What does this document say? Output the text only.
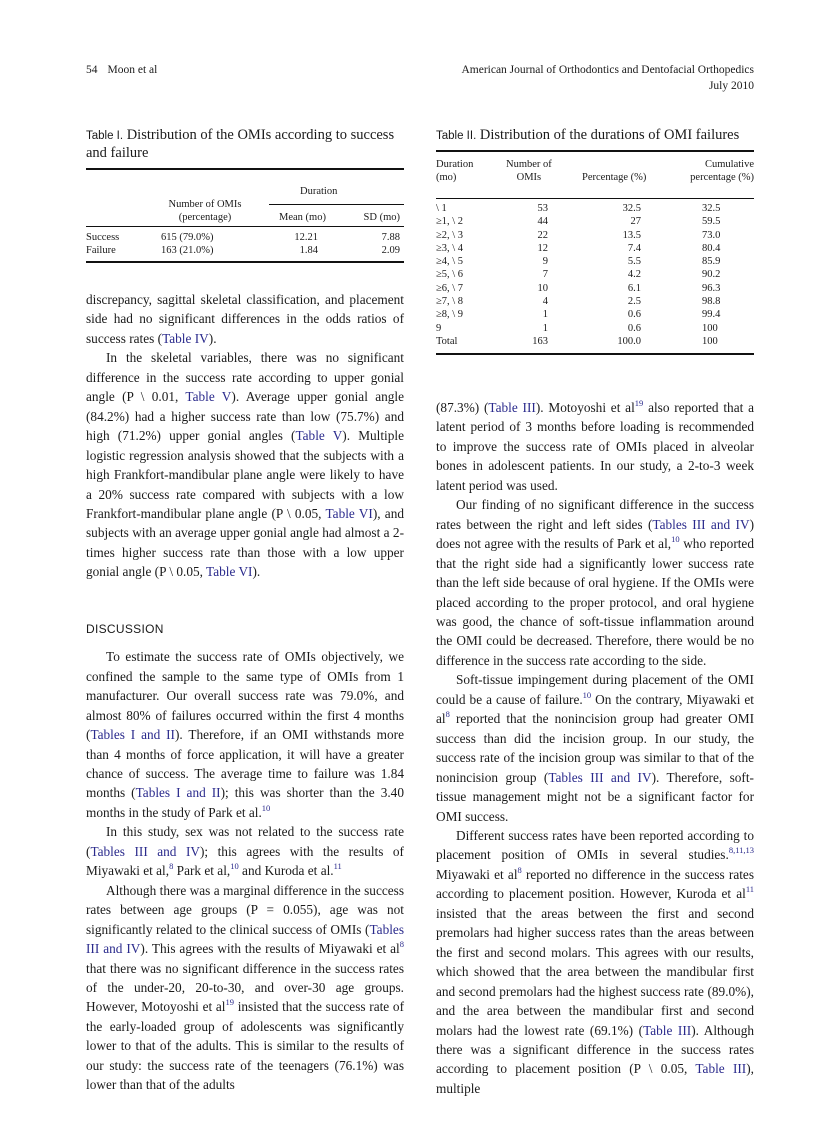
54 Moon et al	American Journal of Orthodontics and Dentofacial Orthopedics
July 2010
Table I. Distribution of the OMIs according to success and failure
Duration
Number of OMIs
(percentage)	Mean (mo)	SD (mo)
Success	615 (79.0%)	12.21	7.88
Failure	163 (21.0%)	1.84	2.09
Table II. Distribution of the durations of OMI failures
Duration
(mo)
Number of
OMIs	Percentage (%)
Cumulative
percentage (%)
\ 1	53	32.5	32.5
≥1, \ 2	44	27	59.5
≥2, \ 3	22	13.5	73.0
≥3, \ 4	12	7.4	80.4
≥4, \ 5	9	5.5	85.9
≥5, \ 6	7	4.2	90.2
≥6, \ 7	10	6.1	96.3
≥7, \ 8	4	2.5	98.8
≥8, \ 9	1	0.6	99.4
9	1	0.6	100
Total	163	100.0	100

discrepancy, sagittal skeletal classification, and placement side had no significant differences in the odds ratios of success rates (Table IV).

In the skeletal variables, there was no significant difference in the success rate according to upper gonial angle (P \ 0.01, Table V). Average upper gonial angle (84.2%) had a higher success rate than low (75.7%) and high (71.2%) upper gonial angles (Table V). Multiple logistic regression analysis showed that the subjects with a high Frankfort-mandibular plane angle were likely to have a 20% success rate compared with subjects with a low Frankfort-mandibular plane angle (P \ 0.05, Table VI), and subjects with an average upper gonial angle had almost a 2-times higher success rate than those with a low upper gonial angle (P \ 0.05, Table VI).

DISCUSSION

To estimate the success rate of OMIs objectively, we confined the sample to the same type of OMIs from 1 manufacturer. Our overall success rate was 79.0%, and almost 80% of failures occurred within the first 4 months (Tables I and II). Therefore, if an OMI withstands more than 4 months of force application, it will have a greater chance of success. The average time to failure was 1.84 months (Tables I and II); this was shorter than the 3.40 months in the study of Park et al.$^{10}$

In this study, sex was not related to the success rate (Tables III and IV); this agrees with the results of Miyawaki et al,$^8$ Park et al,$^{10}$ and Kuroda et al.$^{11}$

Although there was a marginal difference in the success rates between age groups (P = 0.055), age was not significantly related to the clinical success of OMIs (Tables III and IV). This agrees with the results of Miyawaki et $al^8$ that there was no significant difference in the success rates of the under-20, 20-to-30, and over-30 age groups. However, Motoyoshi et $al^{19}$ insisted that the success rate of the early-loaded group of adolescents was significantly lower to that of the adults. This is similar to the results of our study: the success rate of the teenagers (76.1%) was lower than that of the adults

(87.3%) (Table III). Motoyoshi et $al^{19}$ also reported that a latent period of 3 months before loading is recommended to improve the success rate of OMIs placed in alveolar bones in adolescent patients. In our study, a 2-to-3 week latent period was used.

Our finding of no significant difference in the success rates between the right and left sides (Tables III and IV) does not agree with the results of Park et al,$^{10}$ who reported that the right side had a significantly lower success rate than the left side because of oral hygiene. If the OMIs were placed according to the proper protocol, and oral hygiene was good, the chance of soft-tissue inflammation around the OMI could be decreased. Therefore, there would be no difference in the success rate according to the side.

Soft-tissue impingement during placement of the OMI could be a cause of failure.$^{10}$ On the contrary, Miyawaki et $al^8$ reported that the nonincision group had greater OMI success than did the incision group. In our study, the success rate of the incision group was similar to that of the nonincision group (Tables III and IV). Therefore, soft-tissue management might not be a significant factor for OMI success.

Different success rates have been reported according to placement position of OMIs in several studies.$^{8,11,13}$ Miyawaki et $al^8$ reported no difference in the success rates according to placement position. However, Kuroda et $al^{11}$ insisted that the areas between the first and second premolars had higher success rates than the areas between the first and second molars. This agrees with our results, which showed that the area between the mandibular first and second premolars had the highest success rate (89.0%), and the area between the mandibular first and second molars had the lowest rate (69.1%) (Table III). Although there was a significant difference in the success rates according to placement position (P \ 0.05, Table III), multiple
